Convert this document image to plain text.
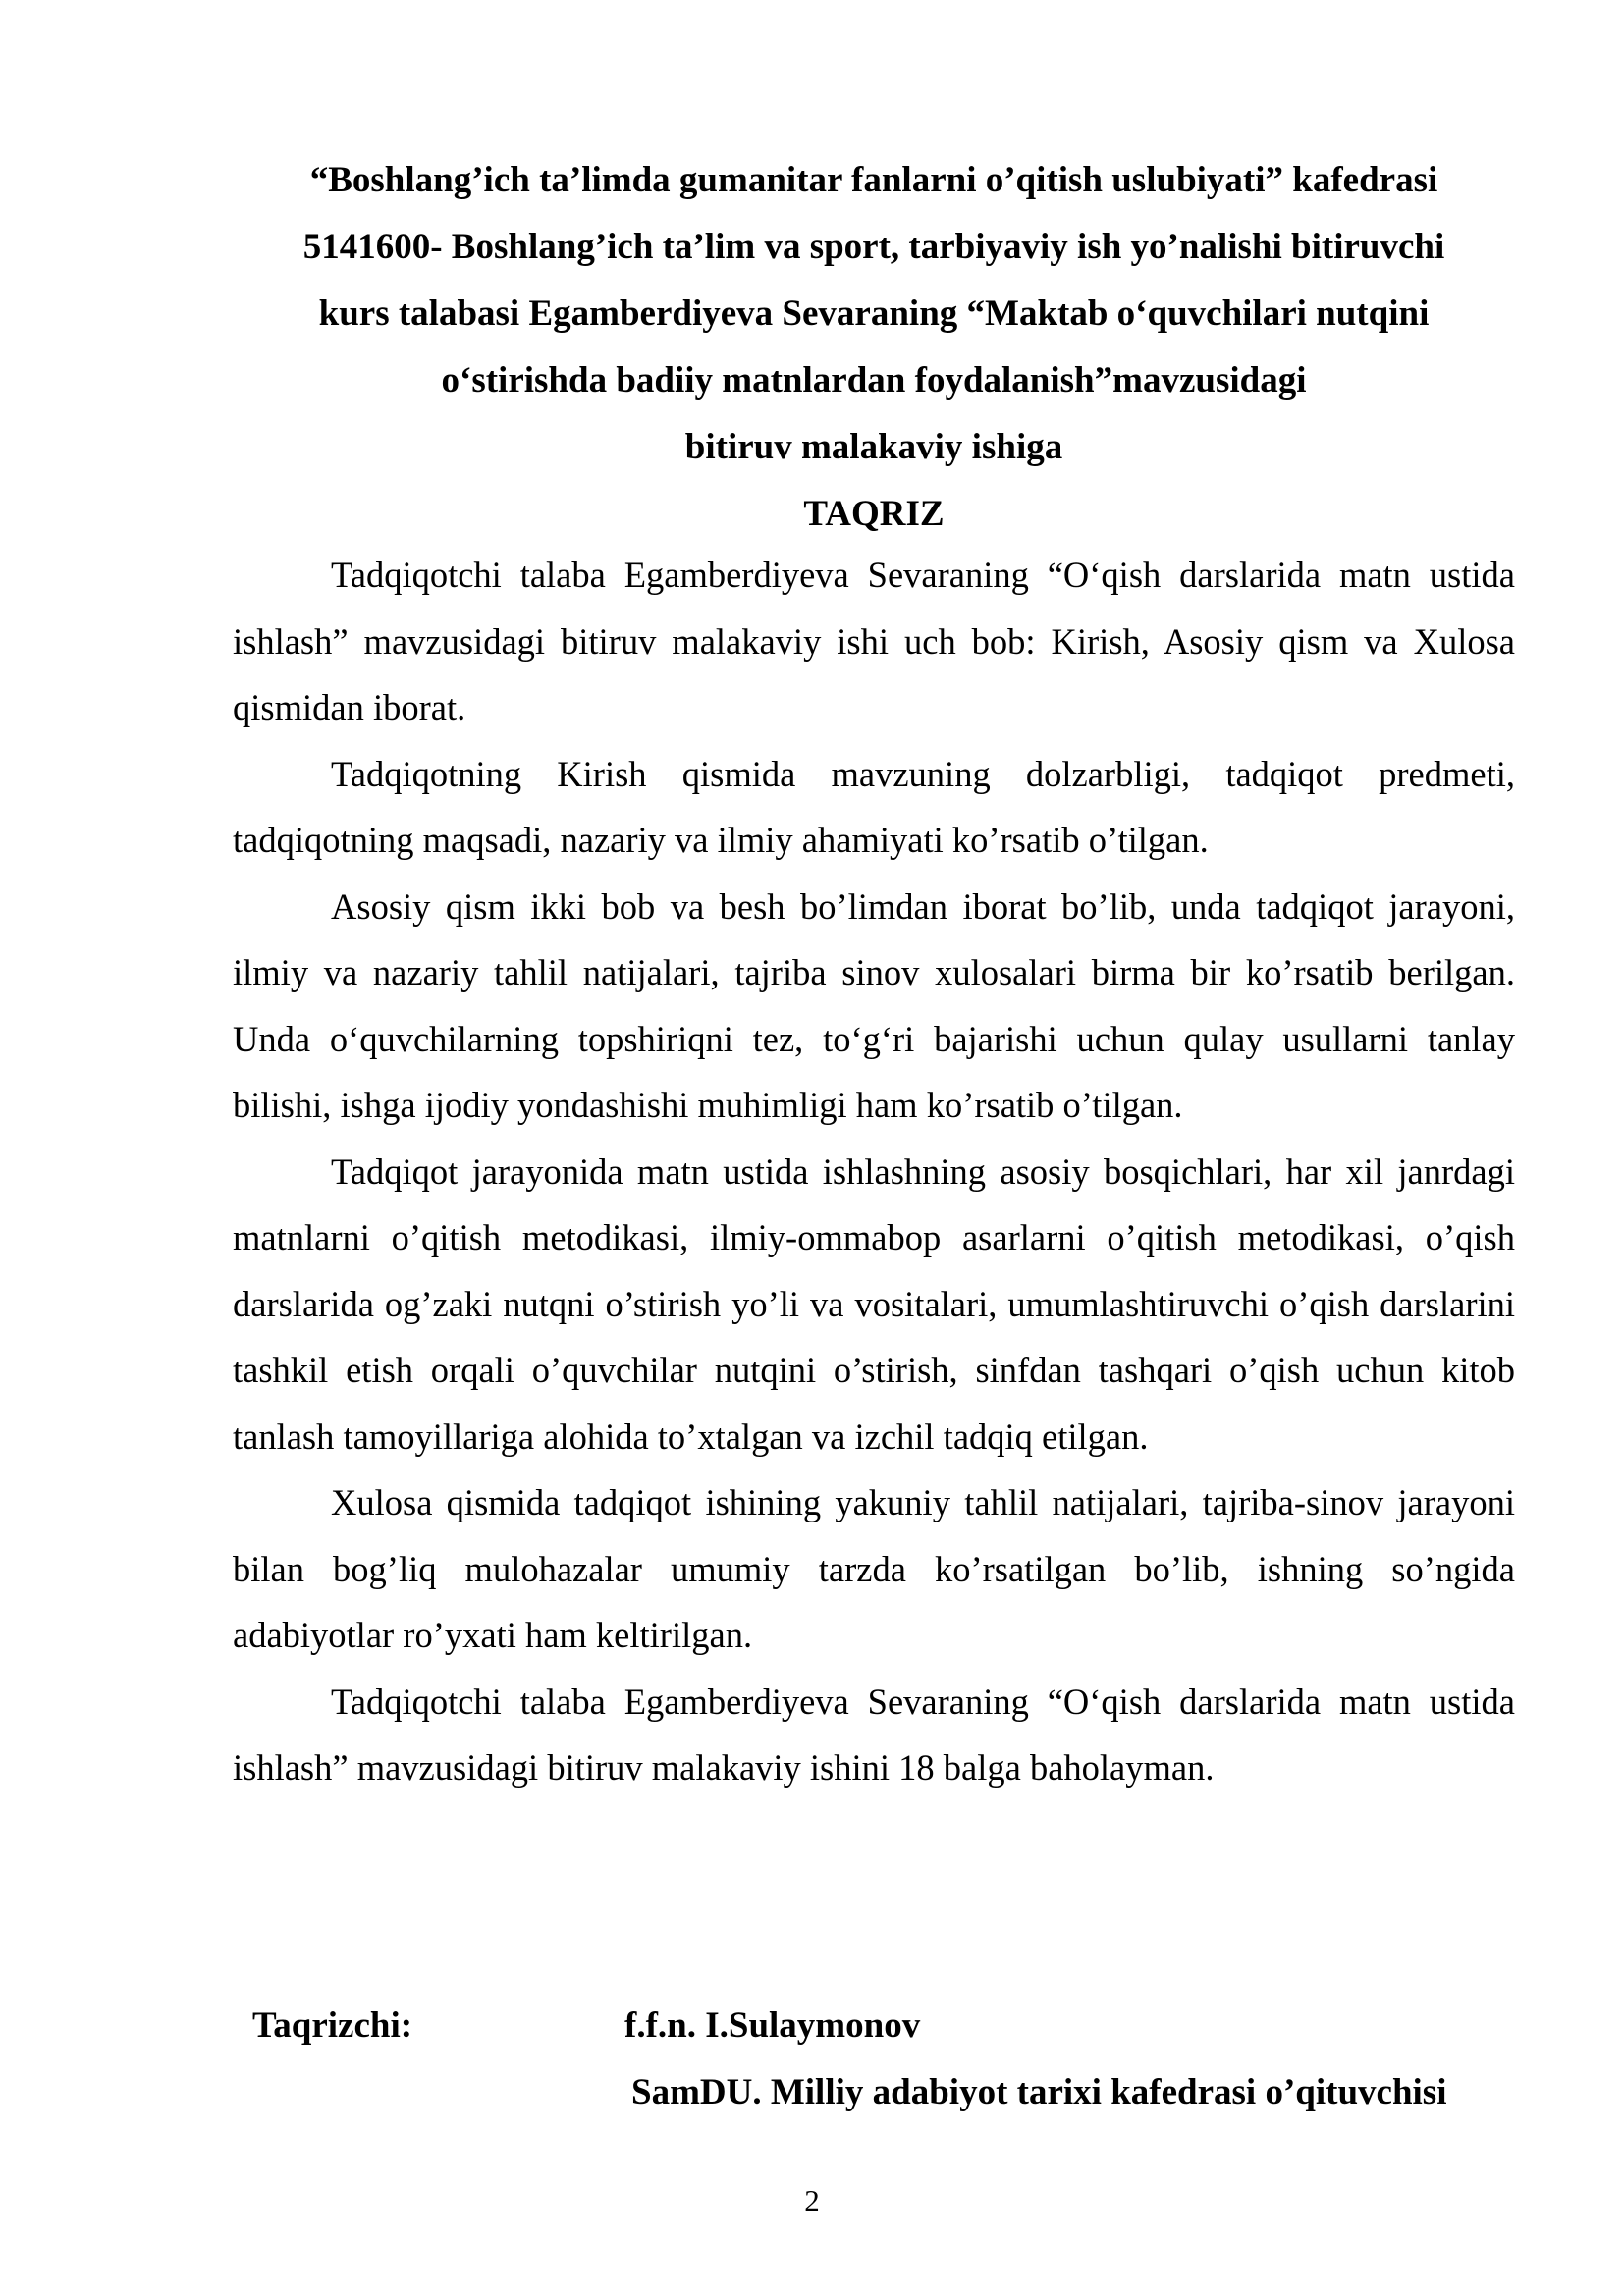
“Boshlang’ich ta’limda gumanitar fanlarni o’qitish uslubiyati” kafedrasi
5141600- Boshlang’ich ta’lim va sport, tarbiyaviy ish yo’nalishi bitiruvchi
kurs talabasi Egamberdiyeva Sevaraning “Maktab o‘quvchilari nutqini
o‘stirishda badiiy matnlardan foydalanish”mavzusidagi
bitiruv malakaviy ishiga
TAQRIZ

Tadqiqotchi talaba Egamberdiyeva Sevaraning “O‘qish darslarida matn ustida ishlash” mavzusidagi bitiruv malakaviy ishi uch bob: Kirish, Asosiy qism va Xulosa qismidan iborat.

Tadqiqotning Kirish qismida mavzuning dolzarbligi, tadqiqot predmeti, tadqiqotning maqsadi, nazariy va ilmiy ahamiyati ko’rsatib o’tilgan.

Asosiy qism ikki bob va besh bo’limdan iborat bo’lib, unda tadqiqot jarayoni, ilmiy va nazariy tahlil natijalari, tajriba sinov xulosalari birma bir ko’rsatib berilgan. Unda o‘quvchilarning topshiriqni tez, to‘g‘ri bajarishi uchun qulay usullarni tanlay bilishi, ishga ijodiy yondashishi muhimligi ham ko’rsatib o’tilgan.

Tadqiqot jarayonida matn ustida ishlashning asosiy bosqichlari, har xil janrdagi matnlarni o’qitish metodikasi, ilmiy-ommabop asarlarni o’qitish metodikasi, o’qish darslarida og’zaki nutqni o’stirish yo’li va vositalari, umumlashtiruvchi o’qish darslarini tashkil etish orqali o’quvchilar nutqini o’stirish, sinfdan tashqari o’qish uchun kitob tanlash tamoyillariga alohida to’xtalgan va izchil tadqiq etilgan.

Xulosa qismida tadqiqot ishining yakuniy tahlil natijalari, tajriba-sinov jarayoni bilan bog’liq mulohazalar umumiy tarzda ko’rsatilgan bo’lib, ishning so’ngida adabiyotlar ro’yxati ham keltirilgan.

Tadqiqotchi talaba Egamberdiyeva Sevaraning “O‘qish darslarida matn ustida ishlash” mavzusidagi bitiruv malakaviy ishini 18 balga baholayman.

Taqrizchi:	f.f.n. I.Sulaymonov
SamDU. Milliy adabiyot tarixi kafedrasi o’qituvchisi
2
